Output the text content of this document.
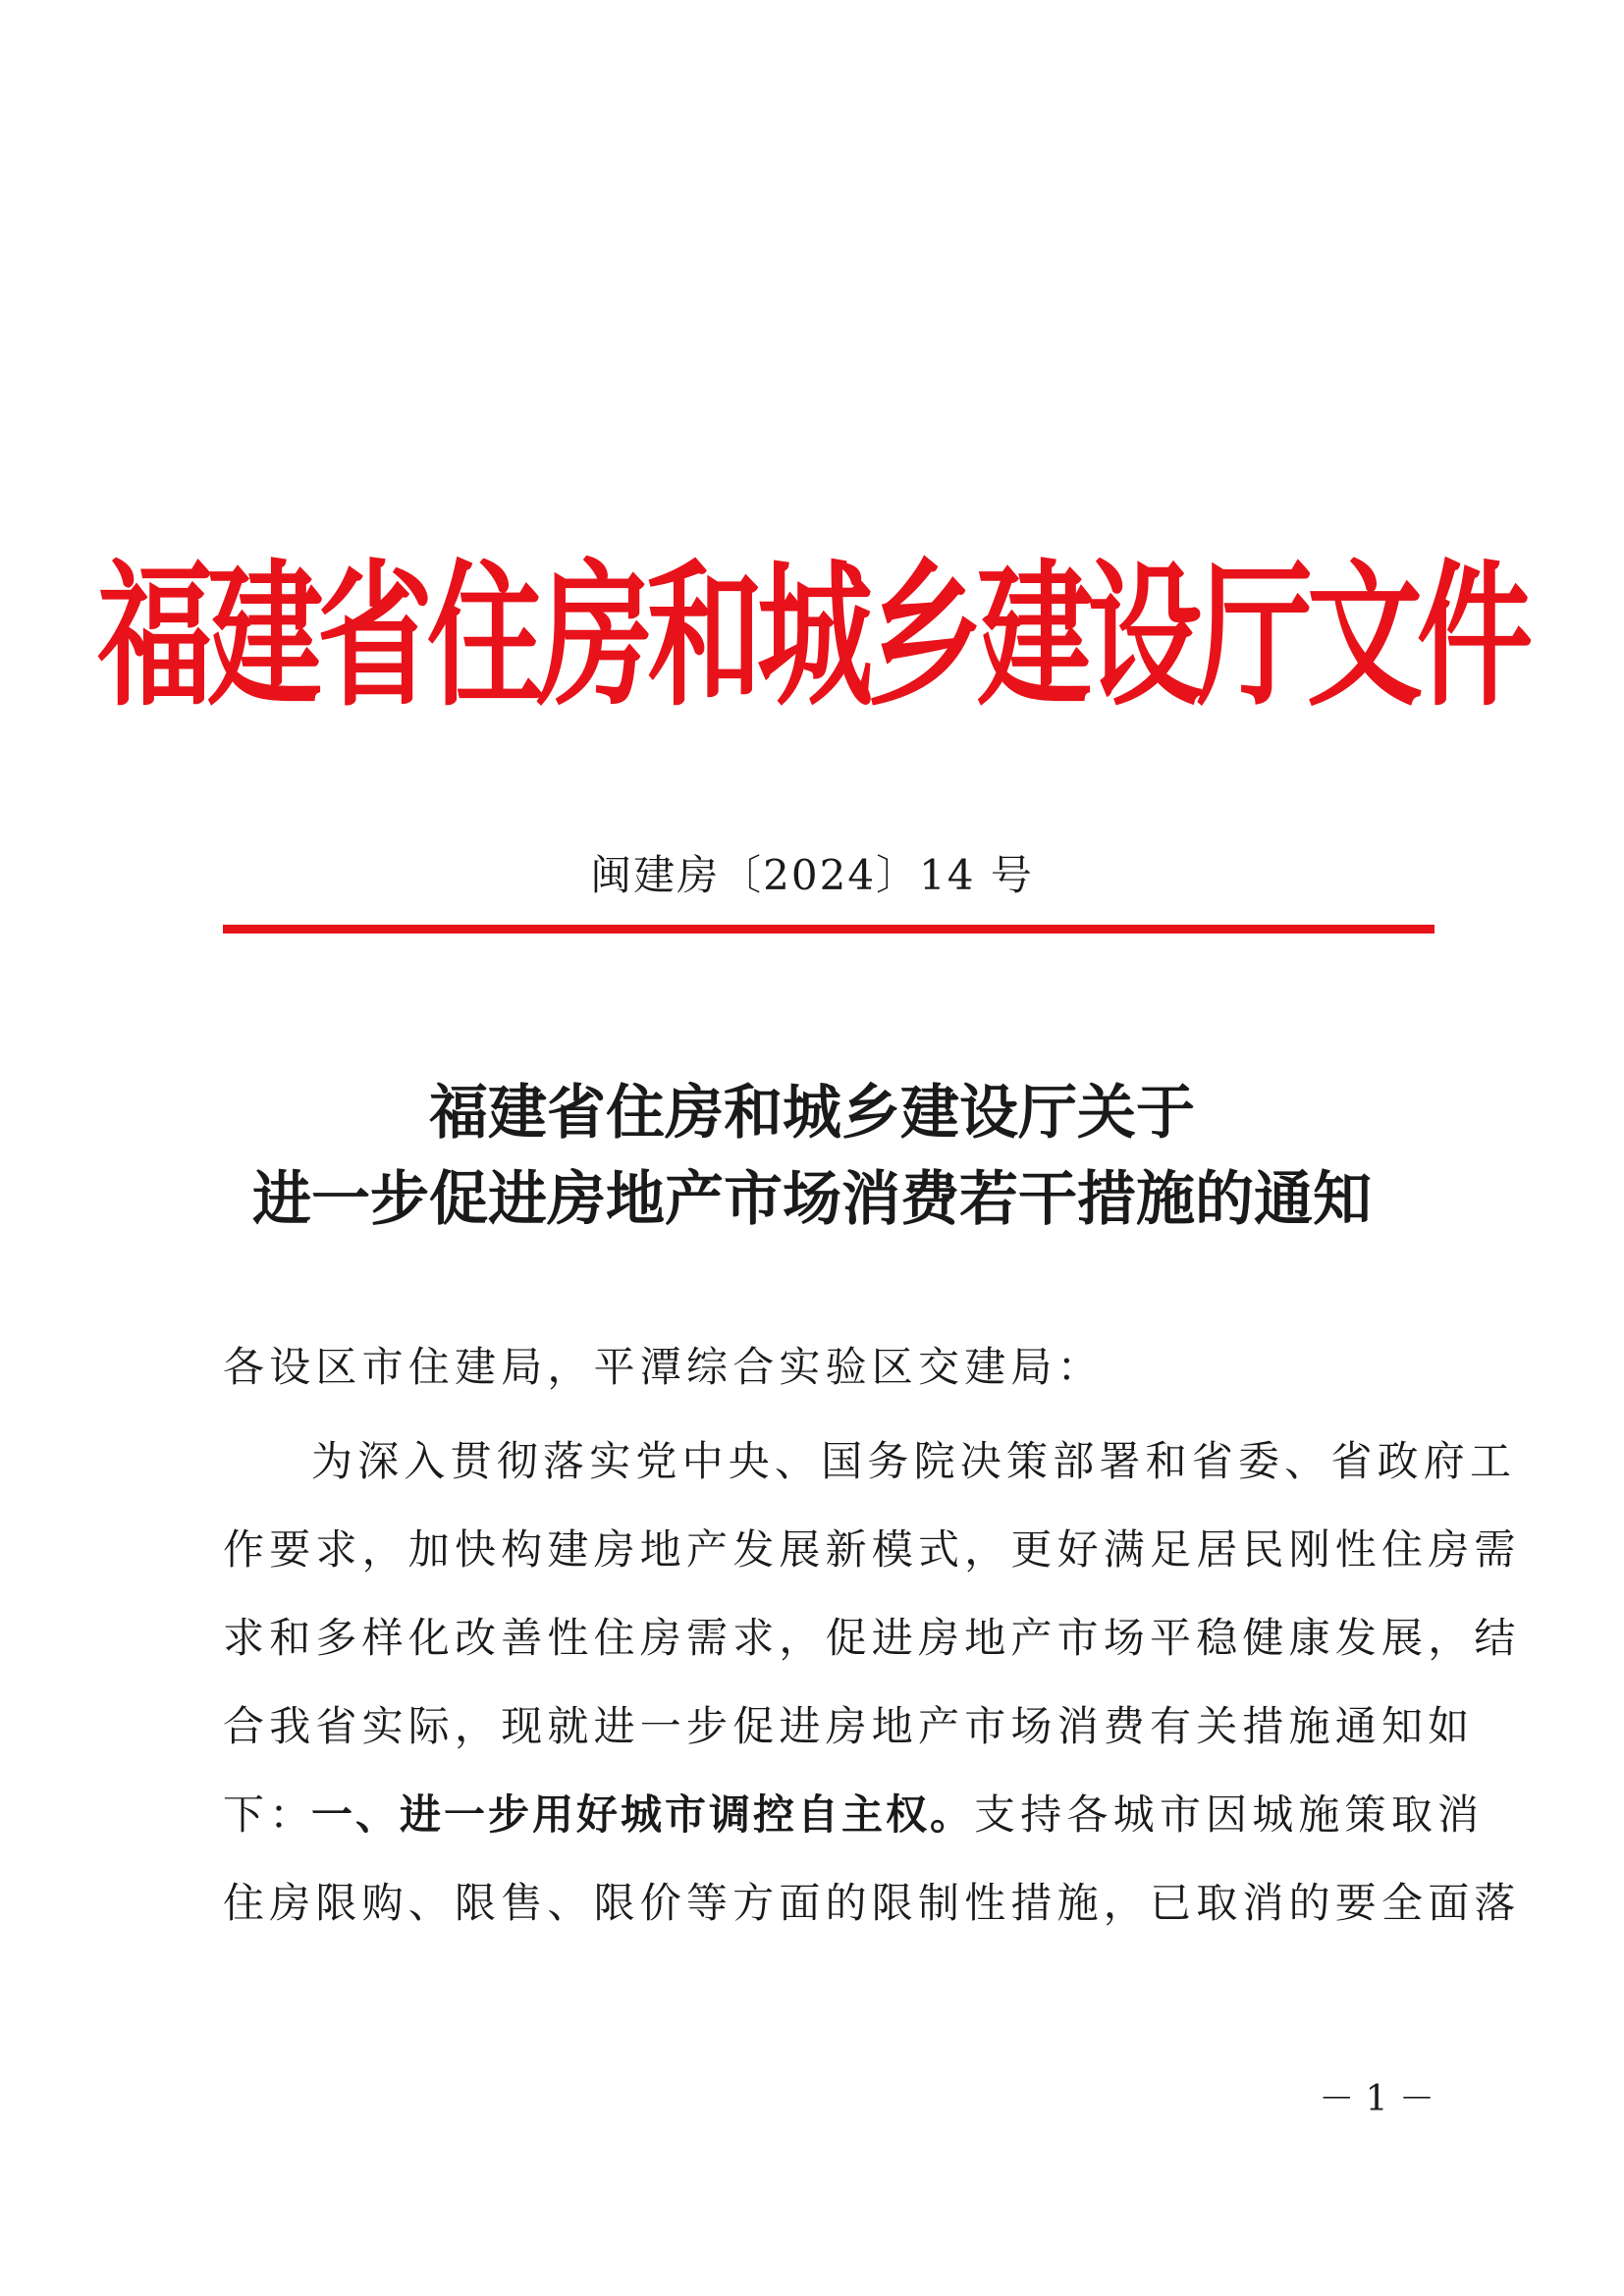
福建省住房和城乡建设厅文件
闽建房〔2024〕14 号
福建省住房和城乡建设厅关于
进一步促进房地产市场消费若干措施的通知
各设区市住建局，平潭综合实验区交建局：
为深入贯彻落实党中央、国务院决策部署和省委、省政府工
作要求，加快构建房地产发展新模式，更好满足居民刚性住房需
求和多样化改善性住房需求，促进房地产市场平稳健康发展，结
合我省实际，现就进一步促进房地产市场消费有关措施通知如
下：
一、进一步用好城市调控自主权。支持各城市因城施策取消
住房限购、限售、限价等方面的限制性措施，已取消的要全面落
－ 1 －
